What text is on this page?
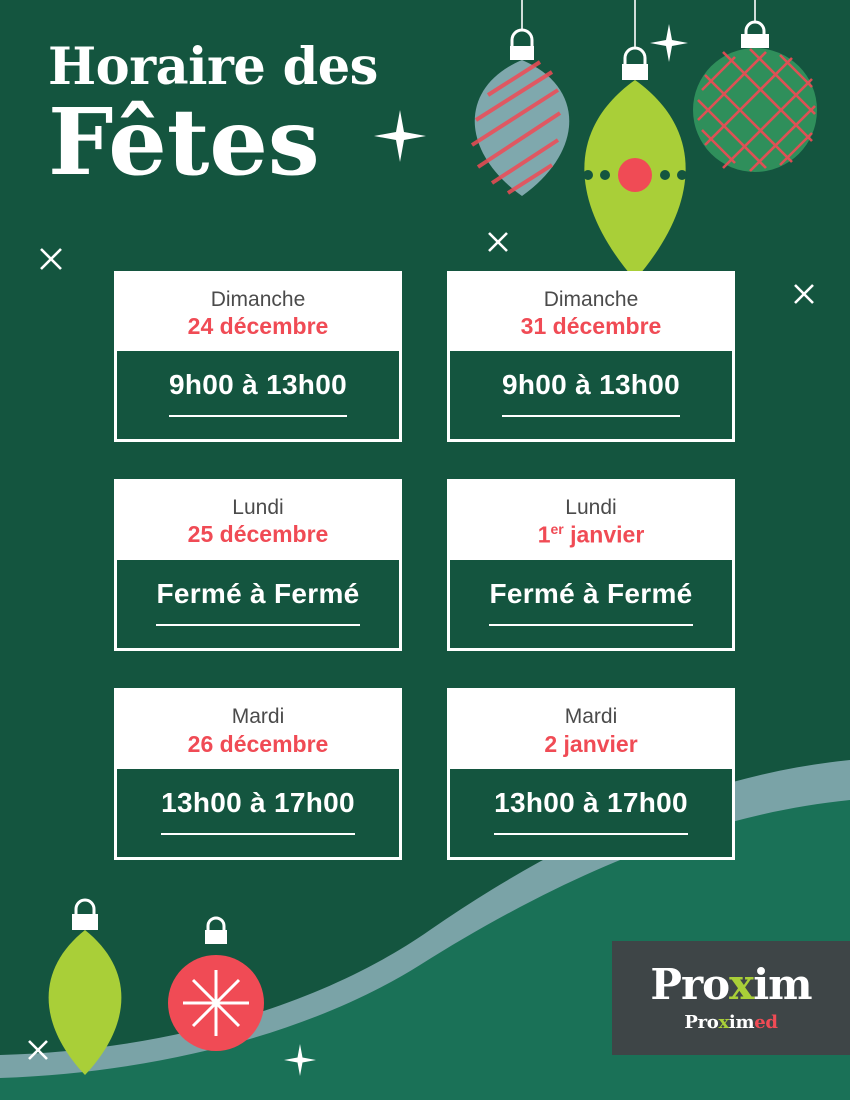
Horaire des
Fêtes
Dimanche
24 décembre
9h00 à 13h00
Dimanche
31 décembre
9h00 à 13h00
Lundi
25 décembre
Fermé à Fermé
Lundi
1er janvier
Fermé à Fermé
Mardi
26 décembre
13h00 à 17h00
Mardi
2 janvier
13h00 à 17h00
Proxim
Proximed
